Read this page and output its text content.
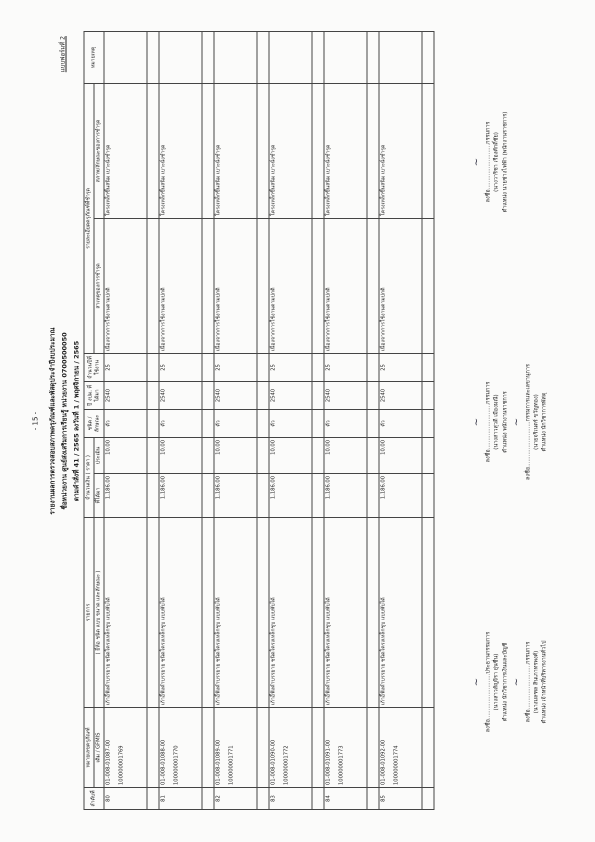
- 15 -
แบบฟอร์มที่ 2
รายงานผลการตรวจสอบสภาพครุภัณฑ์และพัสดุประจำปีงบประมาณ ชื่อหน่วยงาน ศูนย์ส่งเสริมการเรียนรู้ หน่วยงาน 0700500050 ตามคำสั่งที่ 41 / 2565 ลงวันที่ 1 / พฤศจิกายน / 2565
ลำดับที่	หมายเลขครุภัณฑ์	รายการ	จำนวนเงิน ( ราคา )		ชนิด / ลักษณะ	ปี งปม. ที่ได้มา	จำนวนปีที่ใช้งาน	รายละเอียดครุภัณฑ์ที่ชำรุด		หมายเหตุ
	เดิม / GFMIS	( ยี่ห้อ ชนิด แบบ ขนาด และลักษณะ )	ที่ได้มา	ประเมิน				สาเหตุของการชำรุด	สภาพ/ลักษณะของการชำรุด	
80	01-008-01087-00 100000001769	เก้าอี้ฟังคำบรรยาย ชนิดโครงเหล็กชุบ แบบพับได้	1,186.00	10.00	ตัว	2540	25	เนื่องจากการใช้งานตามปกติ	โครงเหล็กขึ้นสนิม เบาะนั่งชำรุด	

81	01-008-01088-00 100000001770	เก้าอี้ฟังคำบรรยาย ชนิดโครงเหล็กชุบ แบบพับได้	1,186.00	10.00	ตัว	2540	25	เนื่องจากการใช้งานตามปกติ	โครงเหล็กขึ้นสนิม เบาะนั่งชำรุด	

82	01-008-01089-00 100000001771	เก้าอี้ฟังคำบรรยาย ชนิดโครงเหล็กชุบ แบบพับได้	1,186.00	10.00	ตัว	2540	25	เนื่องจากการใช้งานตามปกติ	โครงเหล็กขึ้นสนิม เบาะนั่งชำรุด	

83	01-008-01090-00 100000001772	เก้าอี้ฟังคำบรรยาย ชนิดโครงเหล็กชุบ แบบพับได้	1,186.00	10.00	ตัว	2540	25	เนื่องจากการใช้งานตามปกติ	โครงเหล็กขึ้นสนิม เบาะนั่งชำรุด	

84	01-008-01091-00 100000001773	เก้าอี้ฟังคำบรรยาย ชนิดโครงเหล็กชุบ แบบพับได้	1,186.00	10.00	ตัว	2540	25	เนื่องจากการใช้งานตามปกติ	โครงเหล็กขึ้นสนิม เบาะนั่งชำรุด	

85	01-008-01092-00 100000001774	เก้าอี้ฟังคำบรรยาย ชนิดโครงเหล็กชุบ แบบพับได้	1,186.00	10.00	ตัว	2540	25	เนื่องจากการใช้งานตามปกติ	โครงเหล็กขึ้นสนิม เบาะนั่งชำรุด	

~ ลงชื่อ..........................ประธานกรรมการ (นางสาวสัญจิรา ยุ่นชื่น) ตำแหน่ง นักวิชาการเงินและบัญชี ~ ลงชื่อ..........................กรรมการ (นางมลฑล สินเภาทรพงศ์) ตำแหน่ง เจ้าหน้าที่บริหารงานทั่วไป
~ ลงชื่อ..........................กรรมการ (นางสาวสุวดี เมืองมณี) ตำแหน่ง พนักงานราชการ ~ ลงชื่อ..........................กรรมการและเลขานุการ (นายจริเนตร์ ขวัญทอง) ตำแหน่ง นักวิชาการพัสดุ
~ ลงชื่อ..........................กรรมการ (นางวาริชา เรืองศักดิ์ชัย) ตำแหน่ง นายช่างไฟฟ้า (พนักงานราชการ)
